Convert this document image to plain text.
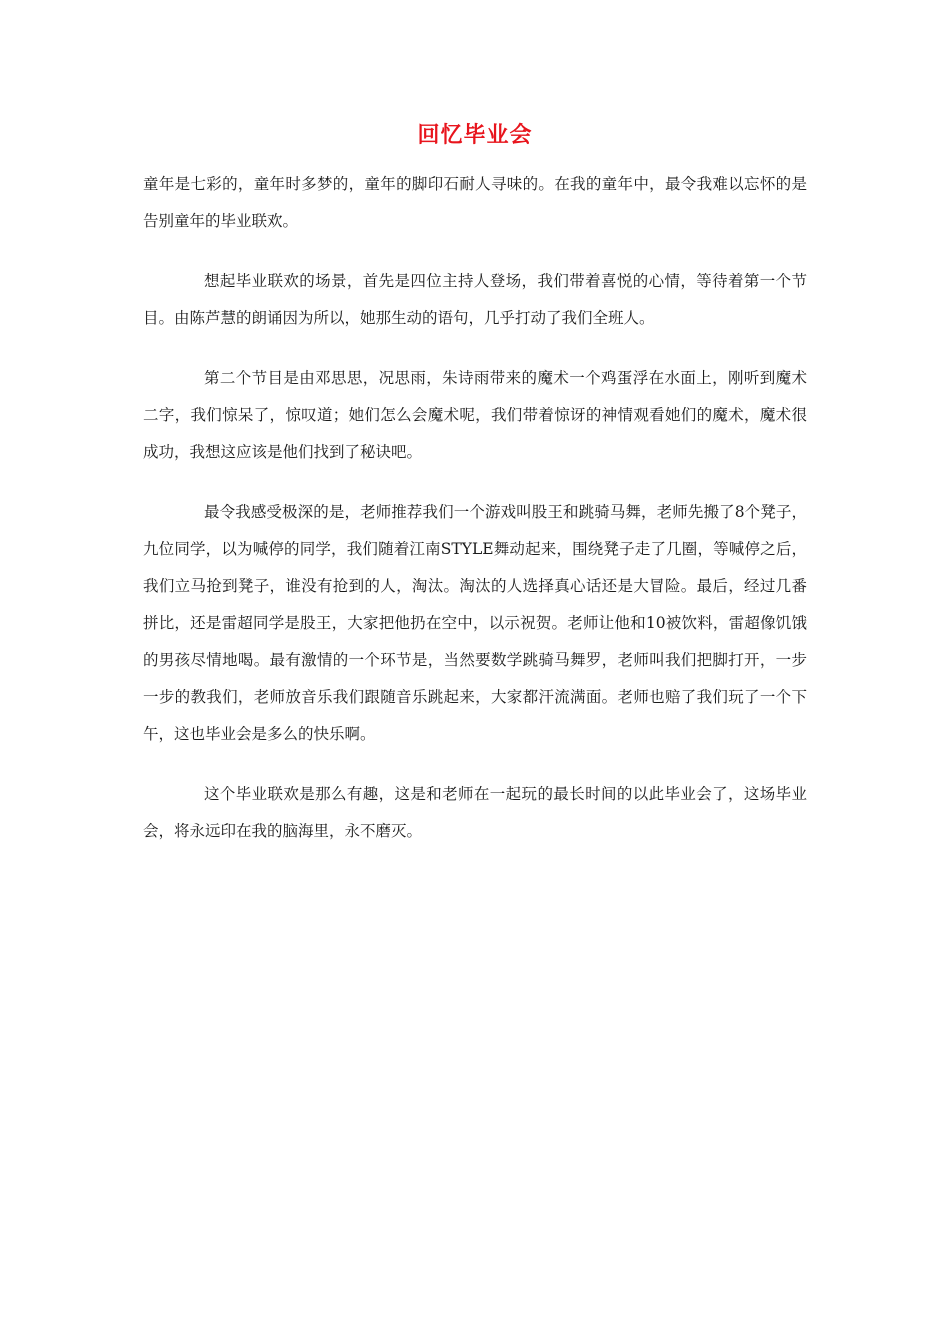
回忆毕业会

童年是七彩的，童年时多梦的，童年的脚印石耐人寻味的。在我的童年中，最令我难以忘怀的是告别童年的毕业联欢。

想起毕业联欢的场景，首先是四位主持人登场，我们带着喜悦的心情，等待着第一个节目。由陈芦慧的朗诵因为所以，她那生动的语句，几乎打动了我们全班人。

第二个节目是由邓思思，况思雨，朱诗雨带来的魔术一个鸡蛋浮在水面上，刚听到魔术二字，我们惊呆了，惊叹道；她们怎么会魔术呢，我们带着惊讶的神情观看她们的魔术，魔术很成功，我想这应该是他们找到了秘诀吧。

最令我感受极深的是，老师推荐我们一个游戏叫股王和跳骑马舞，老师先搬了8个凳子，九位同学，以为喊停的同学，我们随着江南STYLE舞动起来，围绕凳子走了几圈，等喊停之后，我们立马抢到凳子，谁没有抢到的人，淘汰。淘汰的人选择真心话还是大冒险。最后，经过几番拼比，还是雷超同学是股王，大家把他扔在空中，以示祝贺。老师让他和10被饮料，雷超像饥饿的男孩尽情地喝。最有激情的一个环节是，当然要数学跳骑马舞罗，老师叫我们把脚打开，一步一步的教我们，老师放音乐我们跟随音乐跳起来，大家都汗流满面。老师也赔了我们玩了一个下午，这也毕业会是多么的快乐啊。

这个毕业联欢是那么有趣，这是和老师在一起玩的最长时间的以此毕业会了，这场毕业会，将永远印在我的脑海里，永不磨灭。
